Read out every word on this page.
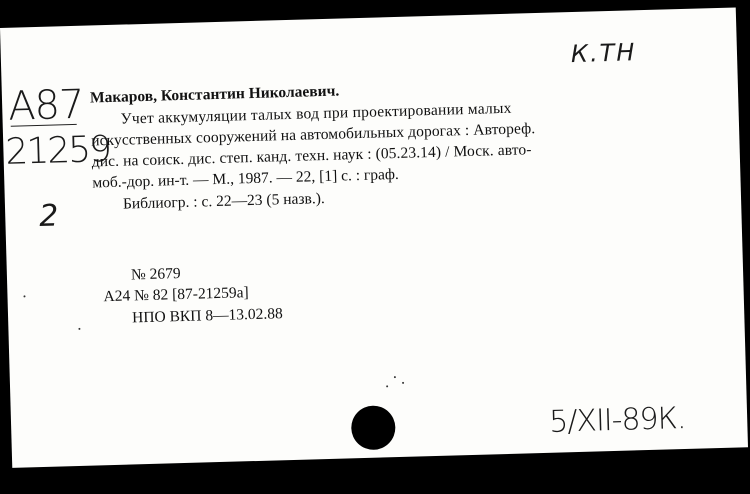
К.ТН
А87
21259
2
Макаров, Константин Николаевич.
Учет аккумуляции талых вод при проектировании малых
искусственных сооружений на автомобильных дорогах : Автореф.
дис. на соиск. дис. степ. канд. техн. наук : (05.23.14) / Моск. авто-
моб.-дор. ин-т. — М., 1987. — 22, [1] с. : граф.
Библиогр. : с. 22—23 (5 назв.).
№ 2679
А24 № 82 [87-21259а]
НПО ВКП 8—13.02.88
5/XII-89К.
